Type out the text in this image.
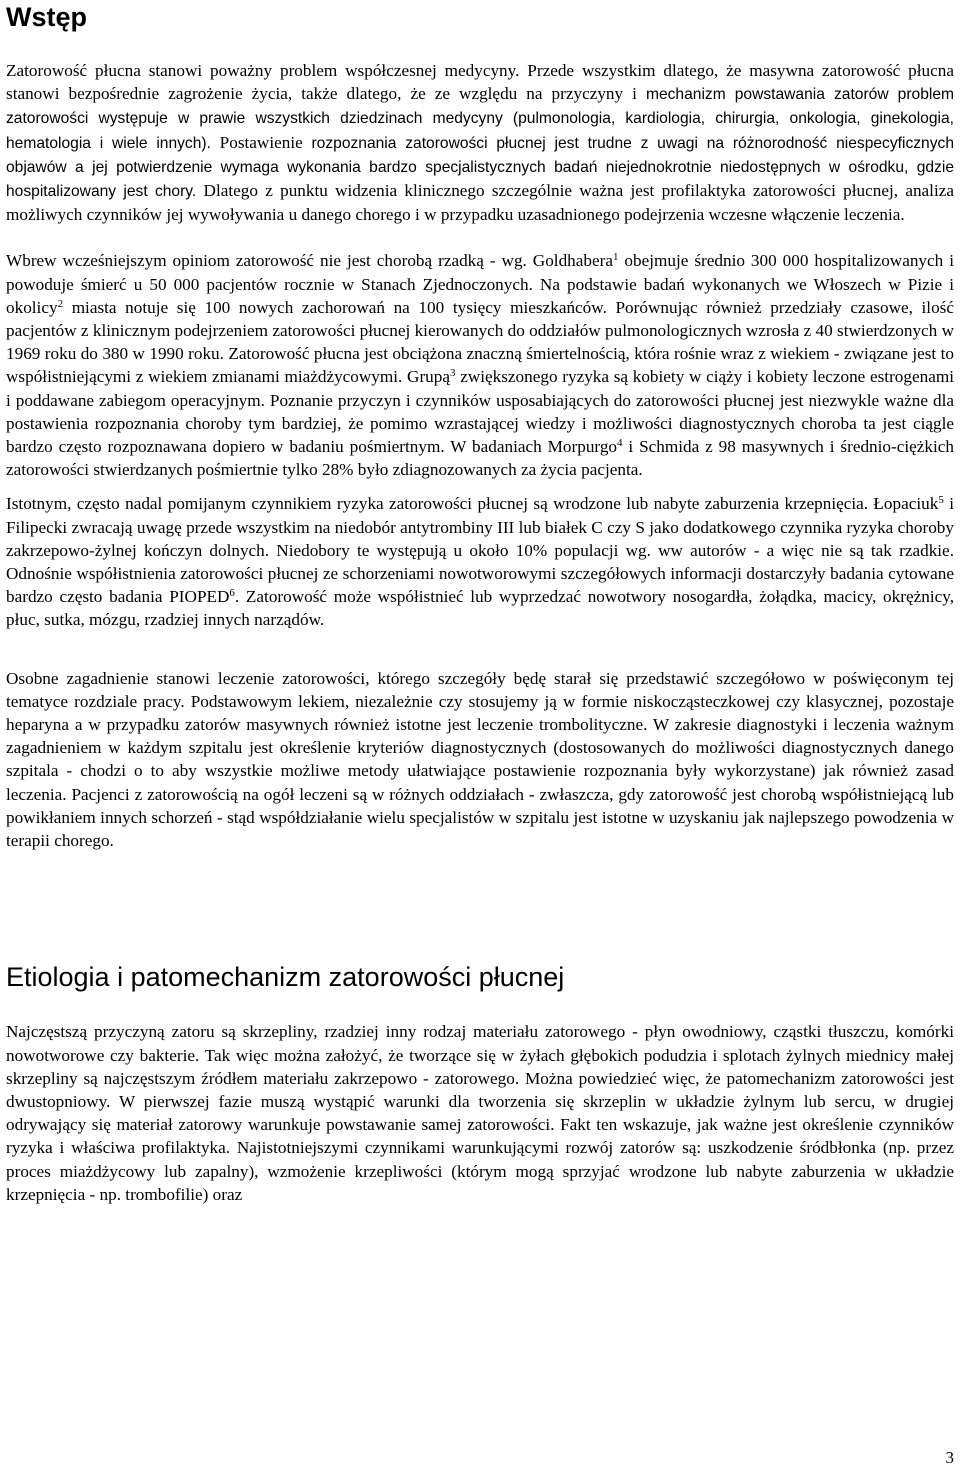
Wstęp

Zatorowość płucna stanowi poważny problem współczesnej medycyny. Przede wszystkim dlatego, że masywna zatorowość płucna stanowi bezpośrednie zagrożenie życia, także dlatego, że ze względu na przyczyny i mechanizm powstawania zatorów problem zatorowości występuje w prawie wszystkich dziedzinach medycyny (pulmonologia, kardiologia, chirurgia, onkologia, ginekologia, hematologia i wiele innych). Postawienie rozpoznania zatorowości płucnej jest trudne z uwagi na różnorodność niespecyficznych objawów a jej potwierdzenie wymaga wykonania bardzo specjalistycznych badań niejednokrotnie niedostępnych w ośrodku, gdzie hospitalizowany jest chory. Dlatego z punktu widzenia klinicznego szczególnie ważna jest profilaktyka zatorowości płucnej, analiza możliwych czynników jej wywoływania u danego chorego i w przypadku uzasadnionego podejrzenia wczesne włączenie leczenia.

Wbrew wcześniejszym opiniom zatorowość nie jest chorobą rzadką - wg. Goldhabera$^1$ obejmuje średnio 300 000 hospitalizowanych i powoduje śmierć u 50 000 pacjentów rocznie w Stanach Zjednoczonych. Na podstawie badań wykonanych we Włoszech w Pizie i okolicy$^2$ miasta notuje się 100 nowych zachorowań na 100 tysięcy mieszkańców. Porównując również przedziały czasowe, ilość pacjentów z klinicznym podejrzeniem zatorowości płucnej kierowanych do oddziałów pulmonologicznych wzrosła z 40 stwierdzonych w 1969 roku do 380 w 1990 roku. Zatorowość płucna jest obciążona znaczną śmiertelnością, która rośnie wraz z wiekiem - związane jest to współistniejącymi z wiekiem zmianami miażdżycowymi. Grupą$^3$ zwiększonego ryzyka są kobiety w ciąży i kobiety leczone estrogenami i poddawane zabiegom operacyjnym. Poznanie przyczyn i czynników usposabiających do zatorowości płucnej jest niezwykle ważne dla postawienia rozpoznania choroby tym bardziej, że pomimo wzrastającej wiedzy i możliwości diagnostycznych choroba ta jest ciągle bardzo często rozpoznawana dopiero w badaniu pośmiertnym. W badaniach Morpurgo$^4$ i Schmida z 98 masywnych i średnio-ciężkich zatorowości stwierdzanych pośmiertnie tylko 28% było zdiagnozowanych za życia pacjenta.

Istotnym, często nadal pomijanym czynnikiem ryzyka zatorowości płucnej są wrodzone lub nabyte zaburzenia krzepnięcia. Łopaciuk$^5$ i Filipecki zwracają uwagę przede wszystkim na niedobór antytrombiny III lub białek C czy S jako dodatkowego czynnika ryzyka choroby zakrzepowo-żylnej kończyn dolnych. Niedobory te występują u około 10% populacji wg. ww autorów - a więc nie są tak rzadkie. Odnośnie współistnienia zatorowości płucnej ze schorzeniami nowotworowymi szczegółowych informacji dostarczyły badania cytowane bardzo często badania PIOPED$^6$. Zatorowość może współistnieć lub wyprzedzać nowotwory nosogardła, żołądka, macicy, okrężnicy, płuc, sutka, mózgu, rzadziej innych narządów.

Osobne zagadnienie stanowi leczenie zatorowości, którego szczegóły będę starał się przedstawić szczegółowo w poświęconym tej tematyce rozdziale pracy. Podstawowym lekiem, niezależnie czy stosujemy ją w formie niskocząsteczkowej czy klasycznej, pozostaje heparyna a w przypadku zatorów masywnych również istotne jest leczenie trombolityczne. W zakresie diagnostyki i leczenia ważnym zagadnieniem w każdym szpitalu jest określenie kryteriów diagnostycznych (dostosowanych do możliwości diagnostycznych danego szpitala - chodzi o to aby wszystkie możliwe metody ułatwiające postawienie rozpoznania były wykorzystane) jak również zasad leczenia. Pacjenci z zatorowością na ogół leczeni są w różnych oddziałach - zwłaszcza, gdy zatorowość jest chorobą współistniejącą lub powikłaniem innych schorzeń - stąd współdziałanie wielu specjalistów w szpitalu jest istotne w uzyskaniu jak najlepszego powodzenia w terapii chorego.

Etiologia i patomechanizm zatorowości płucnej

Najczęstszą przyczyną zatoru są skrzepliny, rzadziej inny rodzaj materiału zatorowego - płyn owodniowy, cząstki tłuszczu, komórki nowotworowe czy bakterie. Tak więc można założyć, że tworzące się w żyłach głębokich podudzia i splotach żylnych miednicy małej skrzepliny są najczęstszym źródłem materiału zakrzepowo - zatorowego. Można powiedzieć więc, że patomechanizm zatorowości jest dwustopniowy. W pierwszej fazie muszą wystąpić warunki dla tworzenia się skrzeplin w układzie żylnym lub sercu, w drugiej odrywający się materiał zatorowy warunkuje powstawanie samej zatorowości. Fakt ten wskazuje, jak ważne jest określenie czynników ryzyka i właściwa profilaktyka. Najistotniejszymi czynnikami warunkującymi rozwój zatorów są: uszkodzenie śródbłonka (np. przez proces miażdżycowy lub zapalny), wzmożenie krzepliwości (którym mogą sprzyjać wrodzone lub nabyte zaburzenia w układzie krzepnięcia - np. trombofilie) oraz

3
